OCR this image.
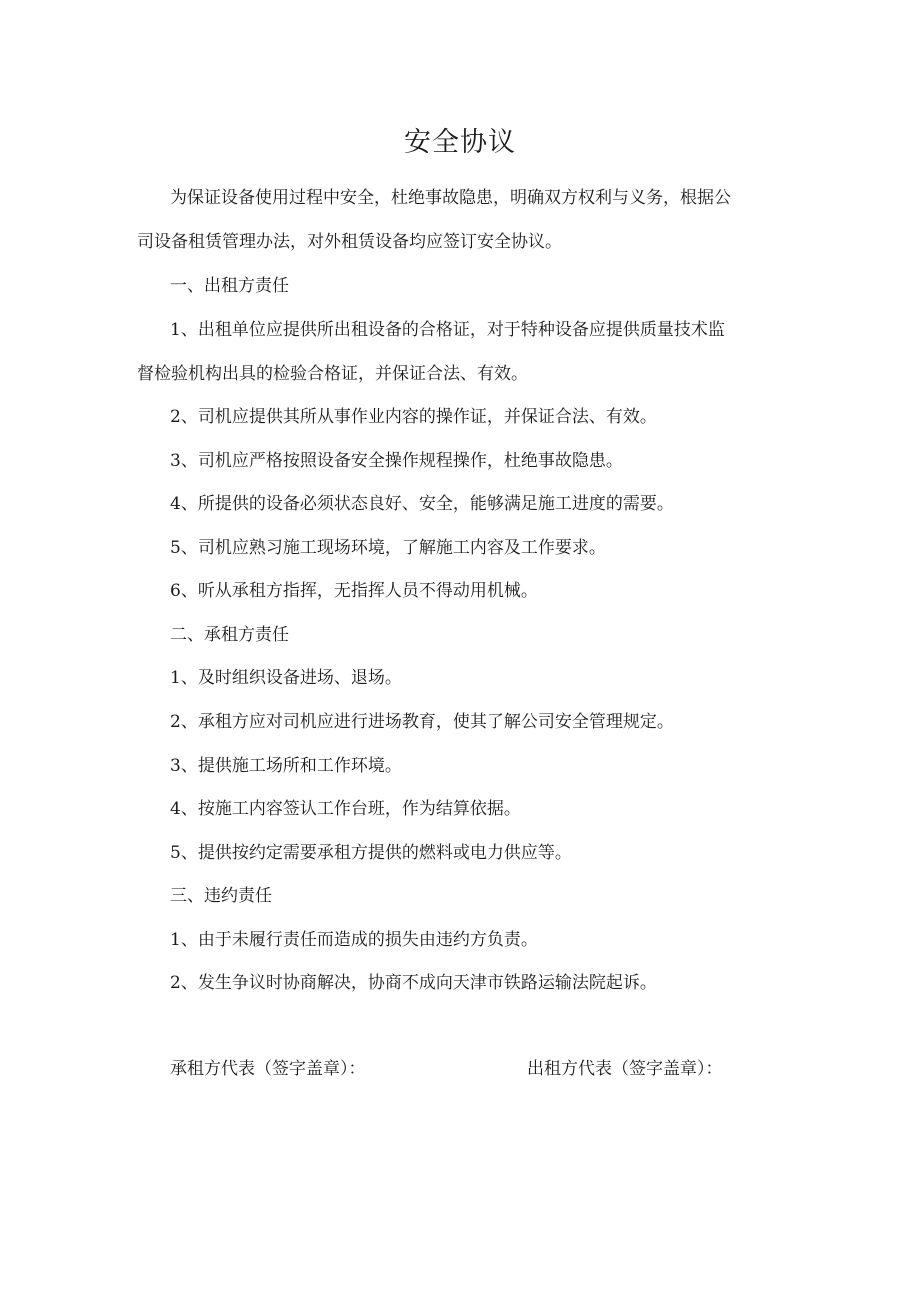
安全协议
为保证设备使用过程中安全，杜绝事故隐患，明确双方权利与义务，根据公
司设备租赁管理办法，对外租赁设备均应签订安全协议。
一、出租方责任
1、出租单位应提供所出租设备的合格证，对于特种设备应提供质量技术监
督检验机构出具的检验合格证，并保证合法、有效。
2、司机应提供其所从事作业内容的操作证，并保证合法、有效。
3、司机应严格按照设备安全操作规程操作，杜绝事故隐患。
4、所提供的设备必须状态良好、安全，能够满足施工进度的需要。
5、司机应熟习施工现场环境，了解施工内容及工作要求。
6、听从承租方指挥，无指挥人员不得动用机械。
二、承租方责任
1、及时组织设备进场、退场。
2、承租方应对司机应进行进场教育，使其了解公司安全管理规定。
3、提供施工场所和工作环境。
4、按施工内容签认工作台班，作为结算依据。
5、提供按约定需要承租方提供的燃料或电力供应等。
三、违约责任
1、由于未履行责任而造成的损失由违约方负责。
2、发生争议时协商解决，协商不成向天津市铁路运输法院起诉。
承租方代表（签字盖章）：	出租方代表（签字盖章）：
